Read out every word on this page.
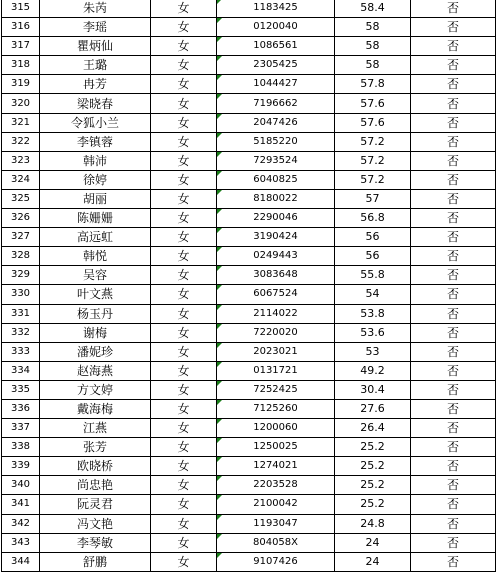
315	朱芮	女	1183425	58.4	否
316	李瑶	女	0120040	58	否
317	瞿炳仙	女	1086561	58	否
318	王璐	女	2305425	58	否
319	冉芳	女	1044427	57.8	否
320	梁晓春	女	7196662	57.6	否
321	令狐小兰	女	2047426	57.6	否
322	李镇蓉	女	5185220	57.2	否
323	韩沛	女	7293524	57.2	否
324	徐婷	女	6040825	57.2	否
325	胡丽	女	8180022	57	否
326	陈姗姗	女	2290046	56.8	否
327	高远虹	女	3190424	56	否
328	韩悦	女	0249443	56	否
329	吴容	女	3083648	55.8	否
330	叶文燕	女	6067524	54	否
331	杨玉丹	女	2114022	53.8	否
332	谢梅	女	7220020	53.6	否
333	潘妮珍	女	2023021	53	否
334	赵海燕	女	0131721	49.2	否
335	方文婷	女	7252425	30.4	否
336	戴海梅	女	7125260	27.6	否
337	江燕	女	1200060	26.4	否
338	张芳	女	1250025	25.2	否
339	欧晓桥	女	1274021	25.2	否
340	尚忠艳	女	2203528	25.2	否
341	阮灵君	女	2100042	25.2	否
342	冯文艳	女	1193047	24.8	否
343	李琴敏	女	804058X	24	否
344	舒鹏	女	9107426	24	否
